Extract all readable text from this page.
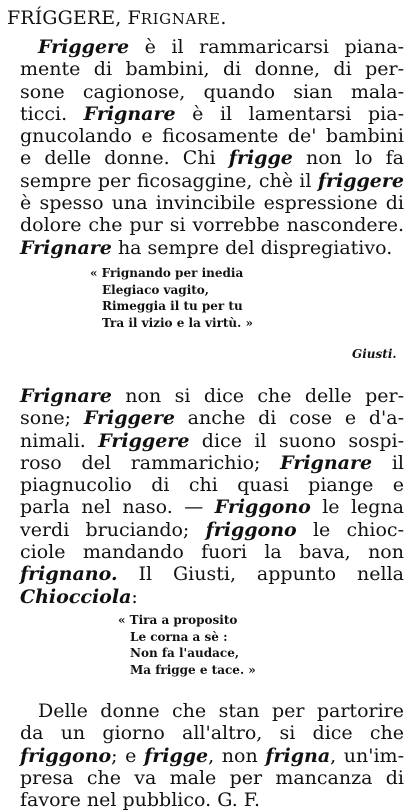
FRÍGGERE, FRIGNARE.
Friggere è il rammaricarsi piana-
mente di bambini, di donne, di per-
sone cagionose, quando sian mala-
ticci. Frignare è il lamentarsi pia-
gnucolando e ficosamente de' bambini
e delle donne. Chi frigge non lo fa
sempre per ficosaggine, chè il friggere
è spesso una invincibile espressione di
dolore che pur si vorrebbe nascondere.
Frignare ha sempre del dispregiativo.
« Frignando per inedia
Elegiaco vagito,
Rimeggia il tu per tu
Tra il vizio e la virtù. »
Giusti.
Frignare non si dice che delle per-
sone; Friggere anche di cose e d'a-
nimali. Friggere dice il suono sospi-
roso del rammarichio; Frignare il
piagnucolio di chi quasi piange e
parla nel naso. — Friggono le legna
verdi bruciando; friggono le chioc-
ciole mandando fuori la bava, non
frignano. Il Giusti, appunto nella
Chiocciola:
« Tira a proposito
Le corna a sè :
Non fa l'audace,
Ma frigge e tace. »
Delle donne che stan per partorire
da un giorno all'altro, si dice che
friggono; e frigge, non frigna, un'im-
presa che va male per mancanza di
favore nel pubblico. G. F.
